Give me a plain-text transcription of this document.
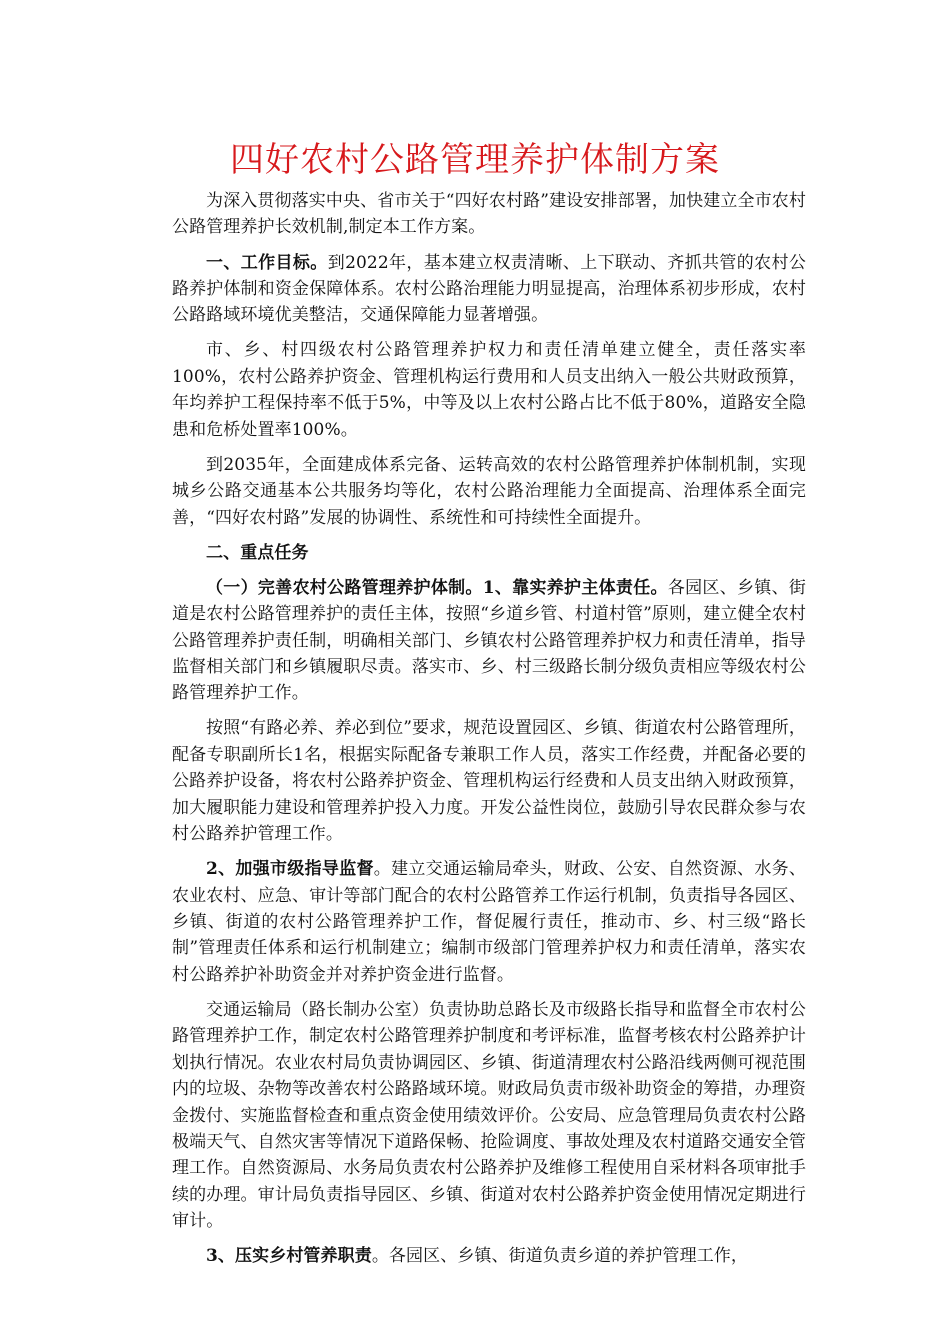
四好农村公路管理养护体制方案

为深入贯彻落实中央、省市关于“四好农村路”建设安排部署，加快建立全市农村公路管理养护长效机制,制定本工作方案。

一、工作目标。到2022年，基本建立权责清晰、上下联动、齐抓共管的农村公路养护体制和资金保障体系。农村公路治理能力明显提高，治理体系初步形成，农村公路路域环境优美整洁，交通保障能力显著增强。

市、乡、村四级农村公路管理养护权力和责任清单建立健全，责任落实率100%，农村公路养护资金、管理机构运行费用和人员支出纳入一般公共财政预算，年均养护工程保持率不低于5%，中等及以上农村公路占比不低于80%，道路安全隐患和危桥处置率100%。

到2035年，全面建成体系完备、运转高效的农村公路管理养护体制机制，实现城乡公路交通基本公共服务均等化，农村公路治理能力全面提高、治理体系全面完善，“四好农村路”发展的协调性、系统性和可持续性全面提升。

二、重点任务

（一）完善农村公路管理养护体制。1、靠实养护主体责任。各园区、乡镇、街道是农村公路管理养护的责任主体，按照“乡道乡管、村道村管”原则，建立健全农村公路管理养护责任制，明确相关部门、乡镇农村公路管理养护权力和责任清单，指导监督相关部门和乡镇履职尽责。落实市、乡、村三级路长制分级负责相应等级农村公路管理养护工作。

按照“有路必养、养必到位”要求，规范设置园区、乡镇、街道农村公路管理所，配备专职副所长1名，根据实际配备专兼职工作人员，落实工作经费，并配备必要的公路养护设备，将农村公路养护资金、管理机构运行经费和人员支出纳入财政预算，加大履职能力建设和管理养护投入力度。开发公益性岗位，鼓励引导农民群众参与农村公路养护管理工作。

2、加强市级指导监督。建立交通运输局牵头，财政、公安、自然资源、水务、农业农村、应急、审计等部门配合的农村公路管养工作运行机制，负责指导各园区、乡镇、街道的农村公路管理养护工作，督促履行责任，推动市、乡、村三级“路长制”管理责任体系和运行机制建立；编制市级部门管理养护权力和责任清单，落实农村公路养护补助资金并对养护资金进行监督。

交通运输局（路长制办公室）负责协助总路长及市级路长指导和监督全市农村公路管理养护工作，制定农村公路管理养护制度和考评标准，监督考核农村公路养护计划执行情况。农业农村局负责协调园区、乡镇、街道清理农村公路沿线两侧可视范围内的垃圾、杂物等改善农村公路路域环境。财政局负责市级补助资金的筹措，办理资金拨付、实施监督检查和重点资金使用绩效评价。公安局、应急管理局负责农村公路极端天气、自然灾害等情况下道路保畅、抢险调度、事故处理及农村道路交通安全管理工作。自然资源局、水务局负责农村公路养护及维修工程使用自采材料各项审批手续的办理。审计局负责指导园区、乡镇、街道对农村公路养护资金使用情况定期进行审计。

3、压实乡村管养职责。各园区、乡镇、街道负责乡道的养护管理工作，
